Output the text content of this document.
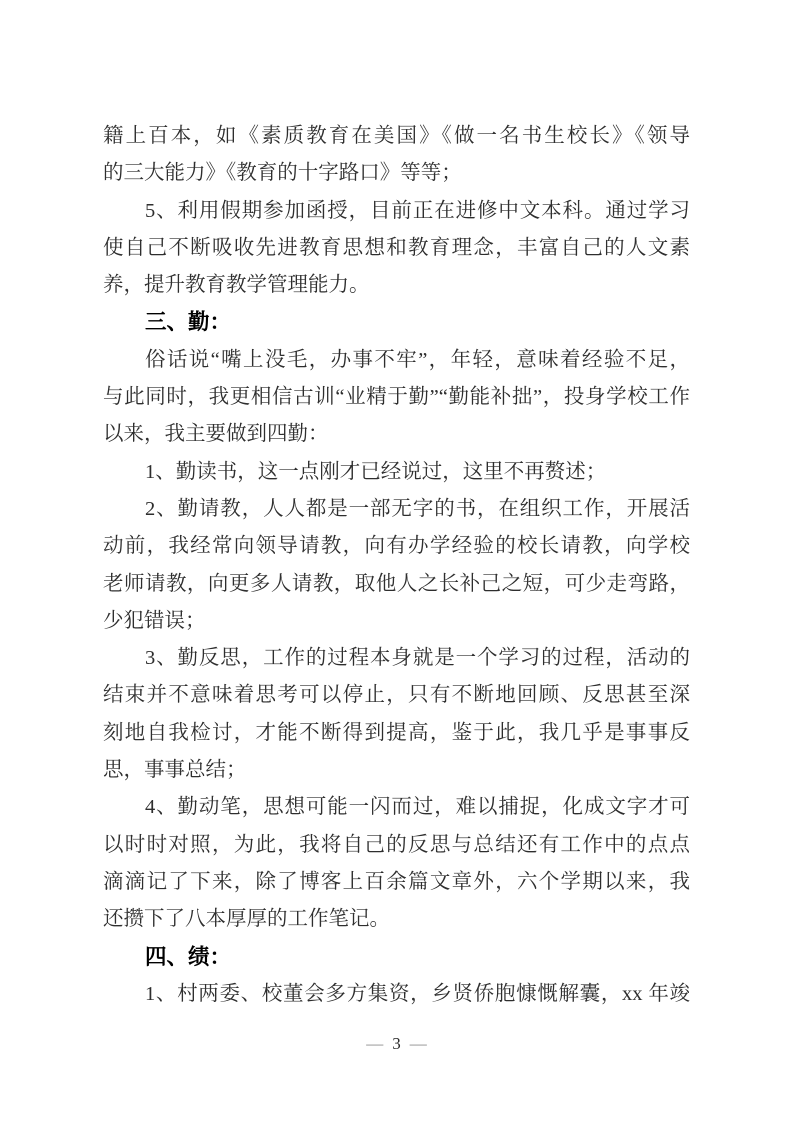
籍上百本，如《素质教育在美国》《做一名书生校长》《领导
的三大能力》《教育的十字路口》等等；
5、利用假期参加函授，目前正在进修中文本科。通过学习
使自己不断吸收先进教育思想和教育理念，丰富自己的人文素
养，提升教育教学管理能力。
三、勤：
俗话说“嘴上没毛，办事不牢”，年轻，意味着经验不足，
与此同时，我更相信古训“业精于勤”“勤能补拙”，投身学校工作
以来，我主要做到四勤：
1、勤读书，这一点刚才已经说过，这里不再赘述；
2、勤请教，人人都是一部无字的书，在组织工作，开展活
动前，我经常向领导请教，向有办学经验的校长请教，向学校
老师请教，向更多人请教，取他人之长补己之短，可少走弯路，
少犯错误；
3、勤反思，工作的过程本身就是一个学习的过程，活动的
结束并不意味着思考可以停止，只有不断地回顾、反思甚至深
刻地自我检讨，才能不断得到提高，鉴于此，我几乎是事事反
思，事事总结；
4、勤动笔，思想可能一闪而过，难以捕捉，化成文字才可
以时时对照，为此，我将自己的反思与总结还有工作中的点点
滴滴记了下来，除了博客上百余篇文章外，六个学期以来，我
还攒下了八本厚厚的工作笔记。
四、绩：
1、村两委、校董会多方集资，乡贤侨胞慷慨解囊，xx 年竣
— 3 —
